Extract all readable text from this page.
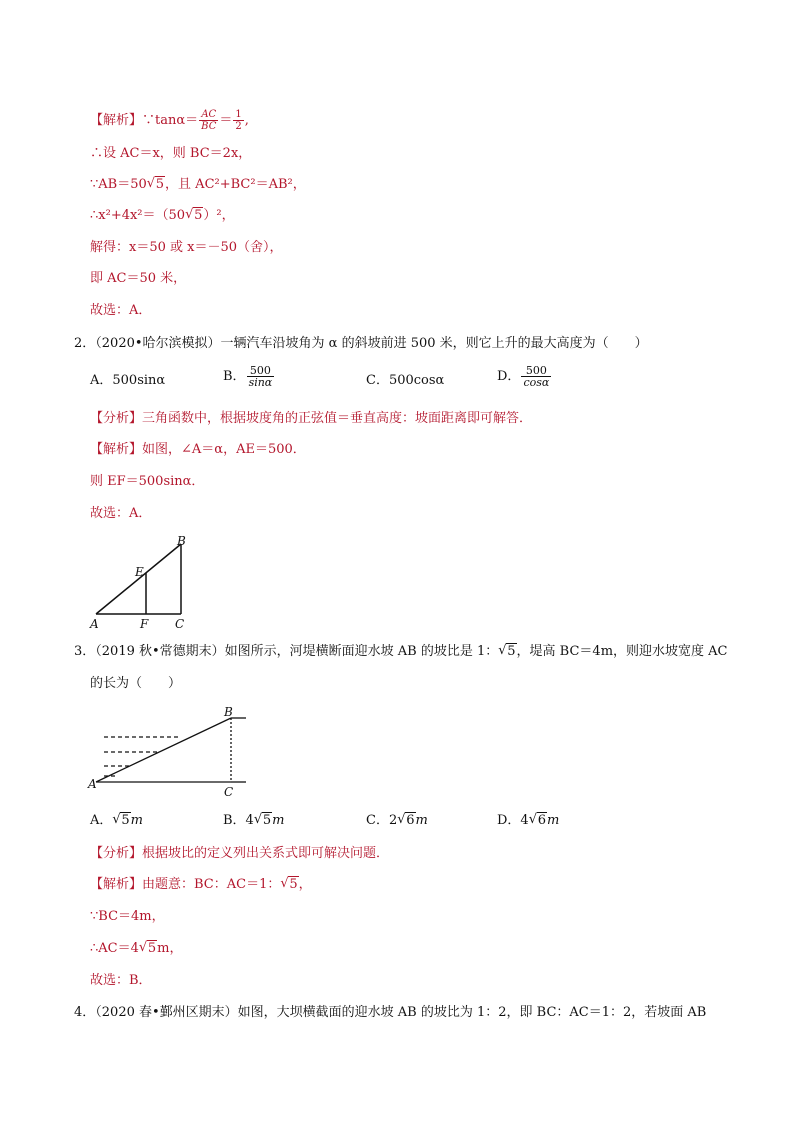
【解析】∵tanα＝ $\frac{AC}{BC} = \frac{1}{2}$ ,
∴设 AC＝x，则 BC＝2x，
∵AB＝50 √ 5，且 AC²+BC²＝AB²，
∴x²+4x²＝（50 √ 5）²，
解得：x＝50 或 x＝－50（舍），
即 AC＝50 米，
故选：A．
2．（2020•哈尔滨模拟）一辆汽车沿坡角为 α 的斜坡前进 500 米，则它上升的最大高度为（　　）
A．500sinα	B． $\frac{500}{\sin\alpha}$	C．500cosα	D． $\frac{500}{\cos\alpha}$
【分析】三角函数中，根据坡度角的正弦值＝垂直高度：坡面距离即可解答．
【解析】如图，∠A＝α，AE＝500．
则 EF＝500sinα．
故选：A．
B
E
A	F C
3．（2019 秋•常德期末）如图所示，河堤横断面迎水坡 AB 的坡比是 1： √ 5，堤高 BC＝4m，则迎水坡宽度 AC
的长为（　　）
B
A
C
A． √ 5m	B．4 √ 5m	C．2 √ 6m	D．4 √ 6m
【分析】根据坡比的定义列出关系式即可解决问题．
【解析】由题意：BC：AC＝1： √ 5，
∵BC＝4m，
∴AC＝4 √ 5m，
故选：B．
4．（2020 春•鄞州区期末）如图，大坝横截面的迎水坡 AB 的坡比为 1：2，即 BC：AC＝1：2，若坡面 AB
